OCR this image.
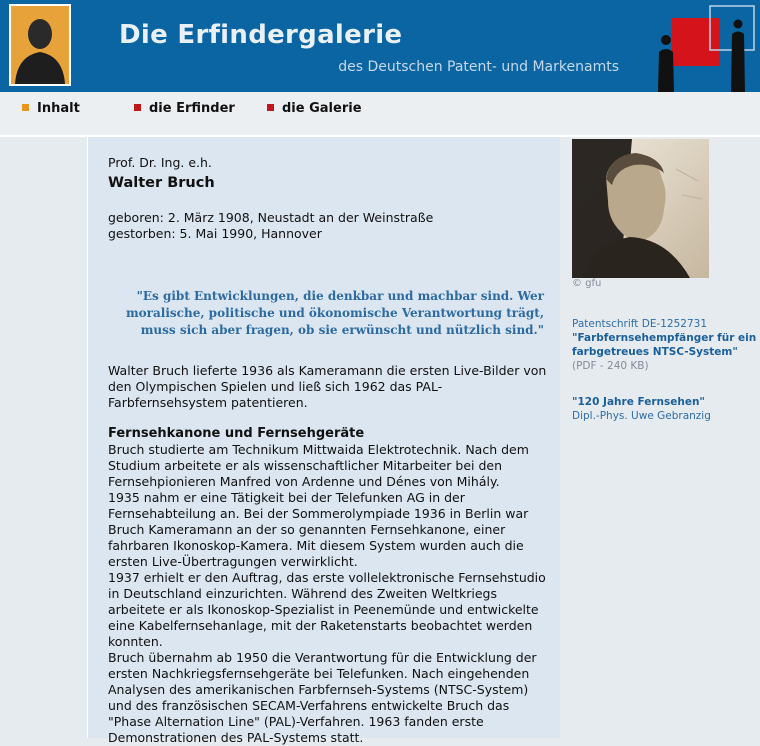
Die Erfindergalerie
des Deutschen Patent- und Markenamts
Inhalt	die Erfinder	die Galerie
Prof. Dr. Ing. e.h.
Walter Bruch
geboren: 2. März 1908, Neustadt an der Weinstraße
gestorben: 5. Mai 1990, Hannover
"Es gibt Entwicklungen, die denkbar und machbar sind. Wer moralische, politische und ökonomische Verantwortung trägt, muss sich aber fragen, ob sie erwünscht und nützlich sind."
Walter Bruch lieferte 1936 als Kameramann die ersten Live-Bilder von den Olympischen Spielen und ließ sich 1962 das PAL-Farbfernsehsystem patentieren.
Fernsehkanone und Fernsehgeräte

Bruch studierte am Technikum Mittwaida Elektrotechnik. Nach dem Studium arbeitete er als wissenschaftlicher Mitarbeiter bei den Fernsehpionieren Manfred von Ardenne und Dénes von Mihály.

1935 nahm er eine Tätigkeit bei der Telefunken AG in der Fernsehabteilung an. Bei der Sommerolympiade 1936 in Berlin war Bruch Kameramann an der so genannten Fernsehkanone, einer fahrbaren Ikonoskop-Kamera. Mit diesem System wurden auch die ersten Live-Übertragungen verwirklicht.

1937 erhielt er den Auftrag, das erste vollelektronische Fernsehstudio in Deutschland einzurichten. Während des Zweiten Weltkriegs arbeitete er als Ikonoskop-Spezialist in Peenemünde und entwickelte eine Kabelfernsehanlage, mit der Raketenstarts beobachtet werden konnten.

Bruch übernahm ab 1950 die Verantwortung für die Entwicklung der ersten Nachkriegsfernsehgeräte bei Telefunken. Nach eingehenden Analysen des amerikanischen Farbfernseh-Systems (NTSC-System) und des französischen SECAM-Verfahrens entwickelte Bruch das "Phase Alternation Line" (PAL)-Verfahren. 1963 fanden erste Demonstrationen des PAL-Systems statt.

© gfu
Patentschrift DE-1252731
"Farbfernsehempfänger für ein farbgetreues NTSC-System"
(PDF - 240 KB)
"120 Jahre Fernsehen"
Dipl.-Phys. Uwe Gebranzig
